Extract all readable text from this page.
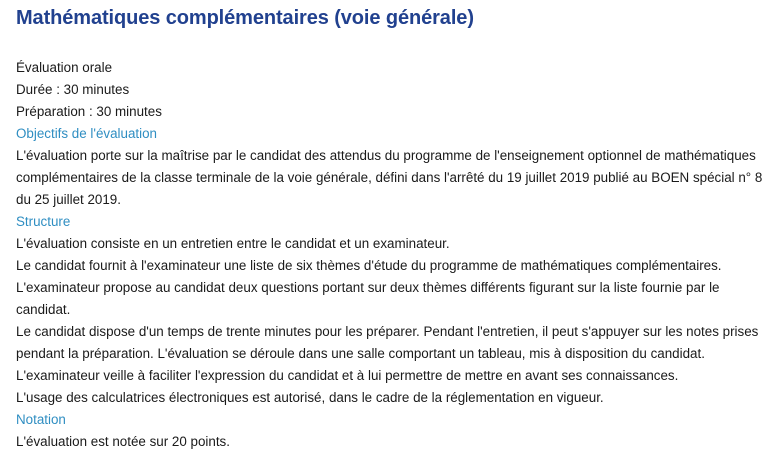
Mathématiques complémentaires (voie générale)

Évaluation orale

Durée : 30 minutes

Préparation : 30 minutes

Objectifs de l'évaluation

L'évaluation porte sur la maîtrise par le candidat des attendus du programme de l'enseignement optionnel de mathématiques complémentaires de la classe terminale de la voie générale, défini dans l'arrêté du 19 juillet 2019 publié au BOEN spécial n° 8 du 25 juillet 2019.

Structure

L'évaluation consiste en un entretien entre le candidat et un examinateur.

Le candidat fournit à l'examinateur une liste de six thèmes d'étude du programme de mathématiques complémentaires.

L'examinateur propose au candidat deux questions portant sur deux thèmes différents figurant sur la liste fournie par le candidat.

Le candidat dispose d'un temps de trente minutes pour les préparer. Pendant l'entretien, il peut s'appuyer sur les notes prises pendant la préparation. L'évaluation se déroule dans une salle comportant un tableau, mis à disposition du candidat.

L'examinateur veille à faciliter l'expression du candidat et à lui permettre de mettre en avant ses connaissances.

L'usage des calculatrices électroniques est autorisé, dans le cadre de la réglementation en vigueur.

Notation

L'évaluation est notée sur 20 points.
